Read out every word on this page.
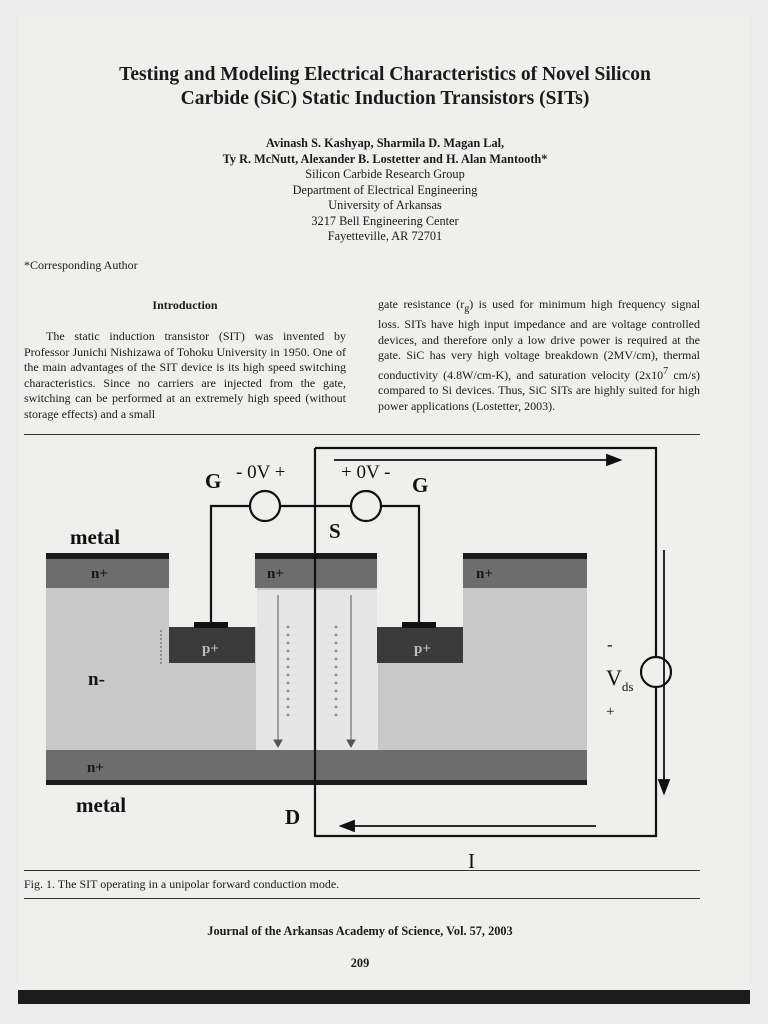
Testing and Modeling Electrical Characteristics of Novel Silicon
Carbide (SiC) Static Induction Transistors (SITs)
Avinash S. Kashyap, Sharmila D. Magan Lal,
Ty R. McNutt, Alexander B. Lostetter and H. Alan Mantooth*
Silicon Carbide Research Group
Department of Electrical Engineering
University of Arkansas
3217 Bell Engineering Center
Fayetteville, AR 72701
*Corresponding Author
Introduction
The static induction transistor (SIT) was invented by Professor Junichi Nishizawa of Tohoku University in 1950. One of the main advantages of the SIT device is its high speed switching characteristics. Since no carriers are injected from the gate, switching can be performed at an extremely high speed (without storage effects) and a small
gate resistance $(r_g)$ is used for minimum high frequency signal loss. SITs have high input impedance and are voltage controlled devices, and therefore only a low drive power is required at the gate. SiC has very high voltage breakdown (2MV/cm), thermal conductivity (4.8W/cm-K), and saturation velocity ($2x10^7$ cm/s) compared to Si devices. Thus, SiC SITs are highly suited for high power applications (Lostetter, 2003).
G	G
S
D
metal
metal
I
- 0V +	+ 0V -
$V_{ds}$
-
+
n+	n+	n+
n+
n-
p+	p+
Fig. 1. The SIT operating in a unipolar forward conduction mode.
Journal of the Arkansas Academy of Science, Vol. 57, 2003
209
